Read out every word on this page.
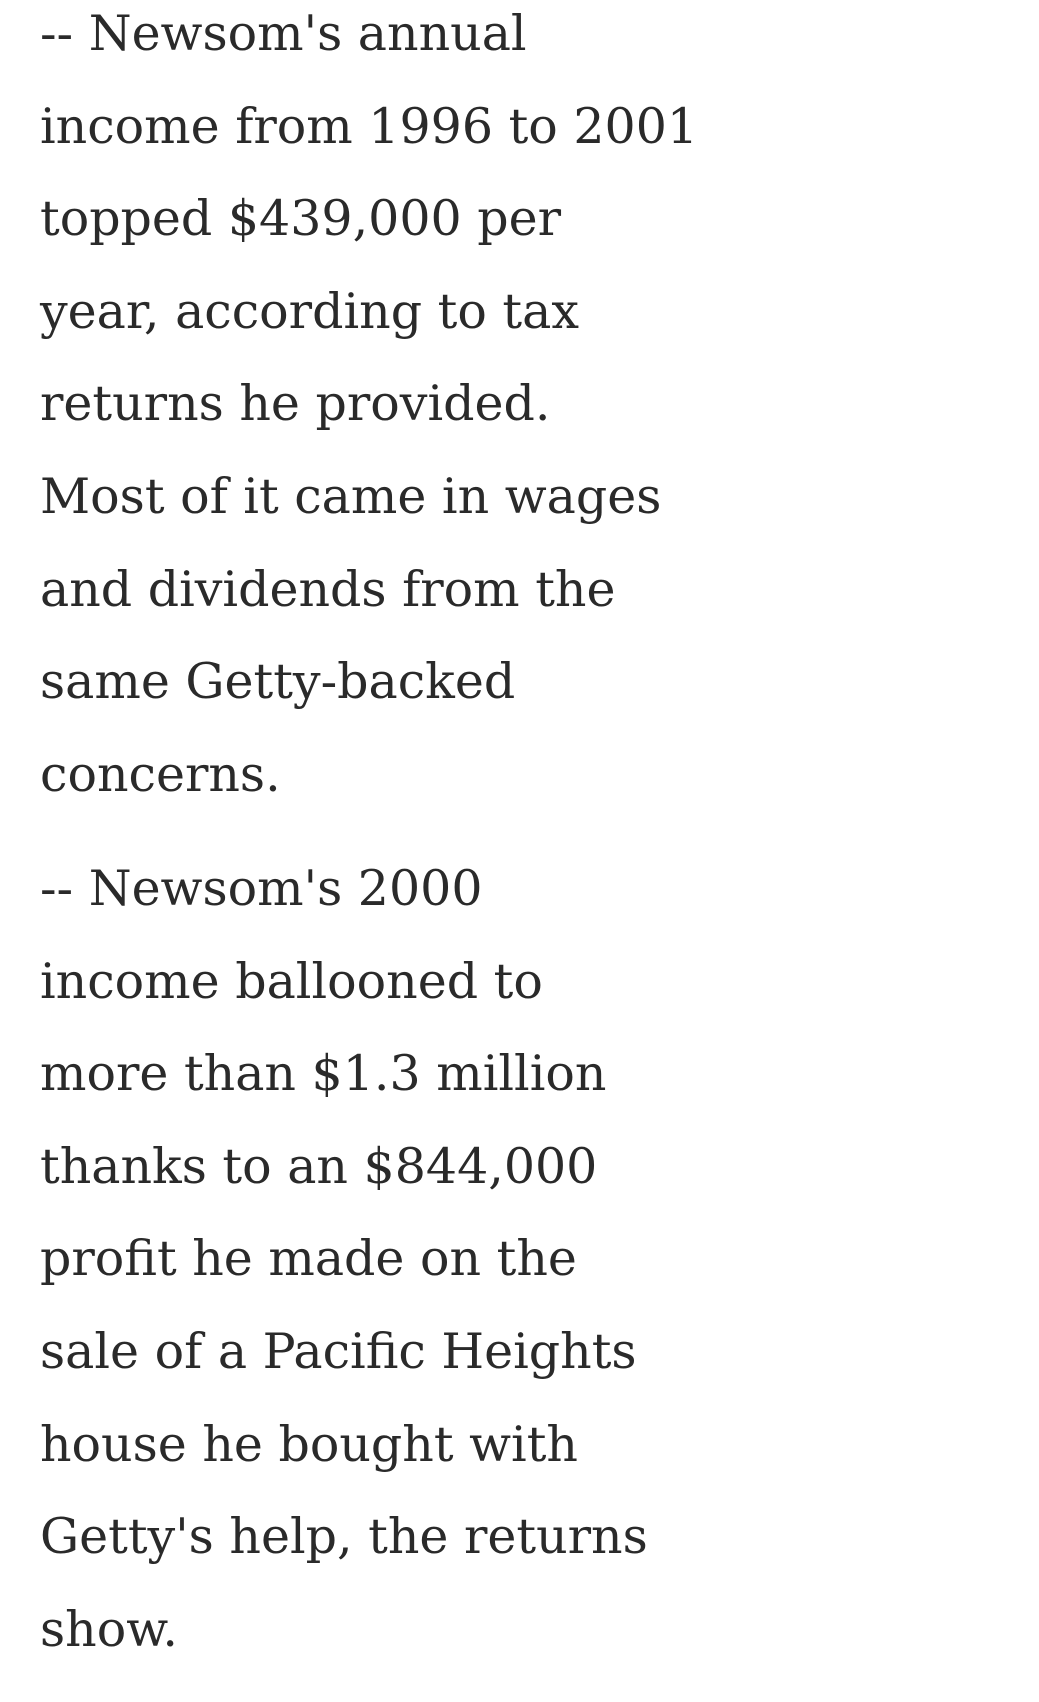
-- Newsom's annual
income from 1996 to 2001
topped $439,000 per
year, according to tax
returns he provided.
Most of it came in wages
and dividends from the
same Getty-backed
concerns.

-- Newsom's 2000
income ballooned to
more than $1.3 million
thanks to an $844,000
profit he made on the
sale of a Pacific Heights
house he bought with
Getty's help, the returns
show.
